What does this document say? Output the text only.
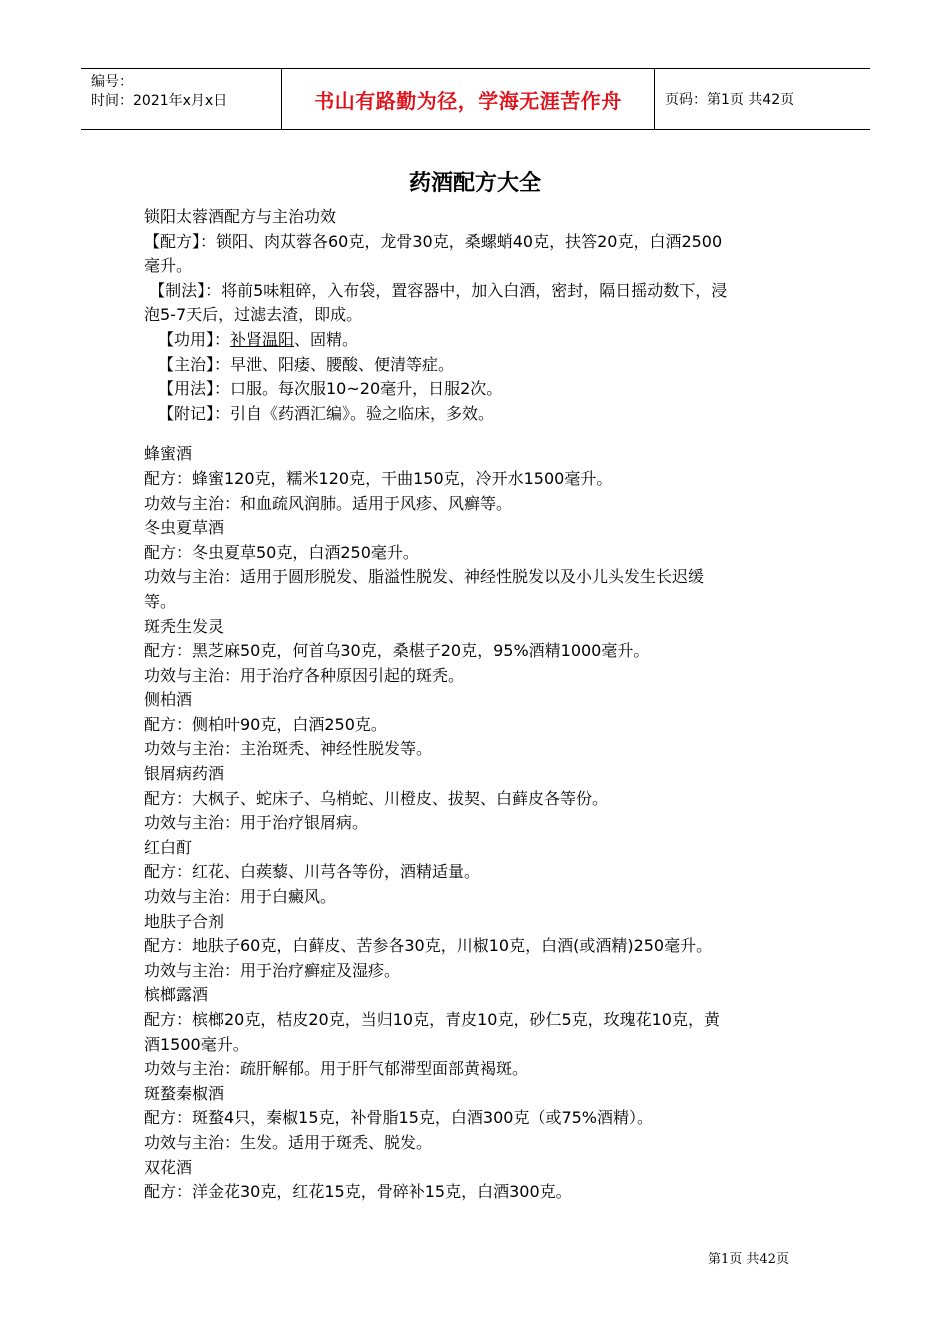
编号：
时间：2021年x月x日	书山有路勤为径，学海无涯苦作舟	页码：第1页 共42页
药酒配方大全
锁阳太蓉酒配方与主治功效
【配方】：锁阳、肉苁蓉各60克，龙骨30克，桑螺蛸40克，扶答20克，白酒2500
毫升。
【制法】：将前5味粗碎，入布袋，置容器中，加入白酒，密封，隔日摇动数下，浸
泡5-7天后，过滤去渣，即成。
【功用】：补肾温阳、固精。
【主治】：早泄、阳痿、腰酸、便清等症。
【用法】：口服。每次服10~20毫升，日服2次。
【附记】：引自《药酒汇编》。验之临床，多效。
蜂蜜酒
配方：蜂蜜120克，糯米120克，干曲150克，冷开水1500毫升。
功效与主治：和血疏风润肺。适用于风疹、风癣等。
冬虫夏草酒
配方：冬虫夏草50克，白酒250毫升。
功效与主治：适用于圆形脱发、脂溢性脱发、神经性脱发以及小儿头发生长迟缓
等。
斑秃生发灵
配方：黑芝麻50克，何首乌30克，桑椹子20克，95%酒精1000毫升。
功效与主治：用于治疗各种原因引起的斑秃。
侧柏酒
配方：侧柏叶90克，白酒250克。
功效与主治：主治斑秃、神经性脱发等。
银屑病药酒
配方：大枫子、蛇床子、乌梢蛇、川橙皮、拔契、白藓皮各等份。
功效与主治：用于治疗银屑病。
红白酊
配方：红花、白蒺藜、川芎各等份，酒精适量。
功效与主治：用于白癜风。
地肤子合剂
配方：地肤子60克，白藓皮、苦参各30克，川椒10克，白酒(或酒精)250毫升。
功效与主治：用于治疗癣症及湿疹。
槟榔露酒
配方：槟榔20克，桔皮20克，当归10克，青皮10克，砂仁5克，玫瑰花10克，黄
酒1500毫升。
功效与主治：疏肝解郁。用于肝气郁滞型面部黄褐斑。
斑蝥秦椒酒
配方：斑蝥4只，秦椒15克，补骨脂15克，白酒300克（或75%酒精）。
功效与主治：生发。适用于斑秃、脱发。
双花酒
配方：洋金花30克，红花15克，骨碎补15克，白酒300克。
第1页 共42页
